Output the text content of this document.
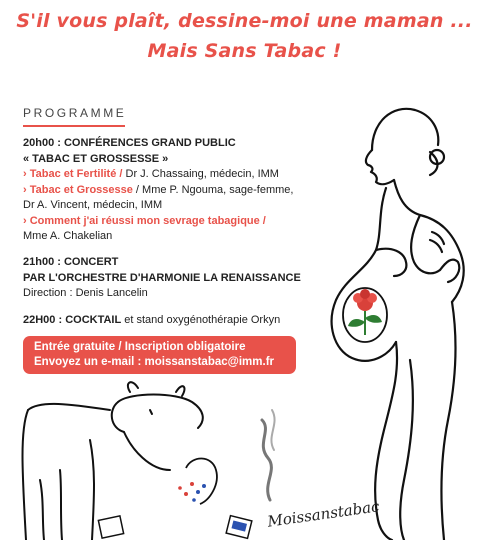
S'il vous plaît, dessine-moi une maman ...
Mais Sans Tabac !
PROGRAMME
20h00 : CONFÉRENCES GRAND PUBLIC
« TABAC ET GROSSESSE »
› Tabac et Fertilité / Dr J. Chassaing, médecin, IMM
› Tabac et Grossesse / Mme P. Ngouma, sage-femme,
Dr A. Vincent, médecin, IMM
› Comment j'ai réussi mon sevrage tabagique /
Mme A. Chakelian
21h00 : CONCERT
PAR L'ORCHESTRE D'HARMONIE LA RENAISSANCE
Direction : Denis Lancelin
22H00 : COCKTAIL et stand oxygénothérapie Orkyn
Entrée gratuite / Inscription obligatoire
Envoyez un e-mail : moissanstabac@imm.fr
Moissanstabac
